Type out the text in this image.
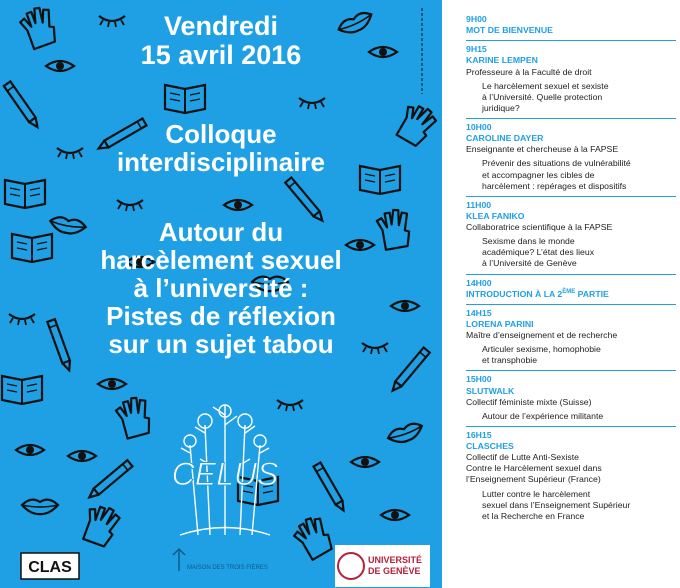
Vendredi
15 avril 2016
Colloque
interdisciplinaire
Autour du
harcèlement sexuel
à l’université :
Pistes de réflexion
sur un sujet tabou
CELUS
CLAS	MAISON DES TROIS FIÈRES
UNIVERSITÉ
DE GENÈVE
9H00
MOT DE BIENVENUE
9H15
KARINE LEMPEN
Professeure à la Faculté de droit
Le harcèlement sexuel et sexiste
à l’Université. Quelle protection
juridique?
10H00
CAROLINE DAYER
Enseignante et chercheuse à la FAPSE
Prévenir des situations de vulnérabilité
et accompagner les cibles de
harcèlement : repérages et dispositifs
11H00
KLEA FANIKO
Collaboratrice scientifique à la FAPSE
Sexisme dans le monde
académique? L’état des lieux
à l’Université de Genève
14H00
INTRODUCTION À LA 2ÈME PARTIE
14H15
LORENA PARINI
Maître d’enseignement et de recherche
Articuler sexisme, homophobie
et transphobie
15H00
SLUTWALK
Collectif féministe mixte (Suisse)
Autour de l’expérience militante
16H15
CLASCHES
Collectif de Lutte Anti-Sexiste
Contre le Harcèlement sexuel dans
l’Enseignement Supérieur (France)
Lutter contre le harcèlement
sexuel dans l’Enseignement Supérieur
et la Recherche en France
